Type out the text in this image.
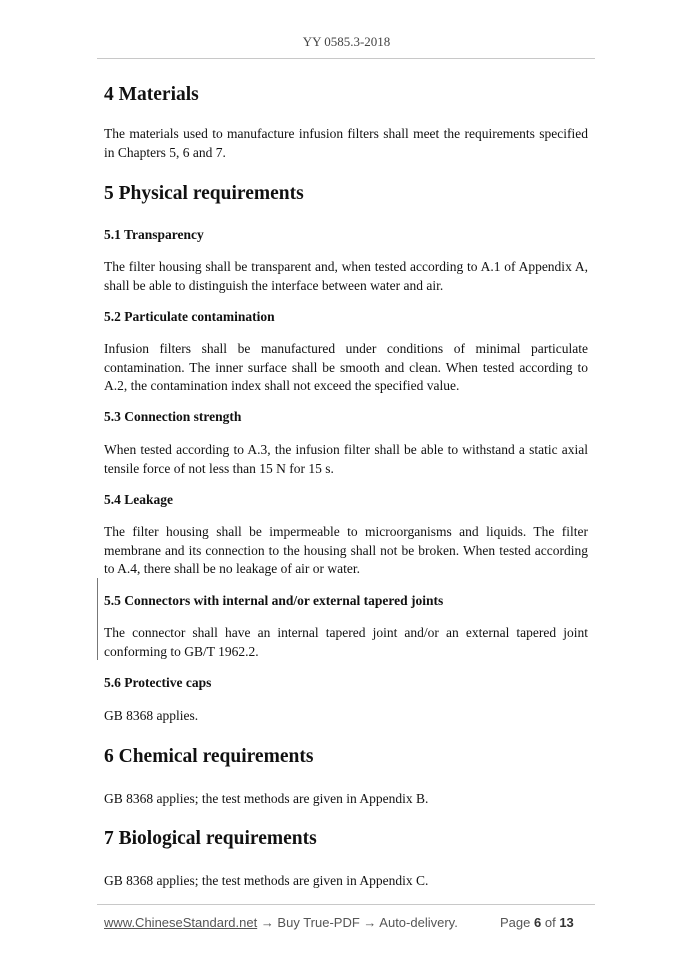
YY 0585.3-2018
4 Materials

The materials used to manufacture infusion filters shall meet the requirements specified in Chapters 5, 6 and 7.

5 Physical requirements
5.1 Transparency

The filter housing shall be transparent and, when tested according to A.1 of Appendix A, shall be able to distinguish the interface between water and air.

5.2 Particulate contamination

Infusion filters shall be manufactured under conditions of minimal particulate contamination. The inner surface shall be smooth and clean. When tested according to A.2, the contamination index shall not exceed the specified value.

5.3 Connection strength

When tested according to A.3, the infusion filter shall be able to withstand a static axial tensile force of not less than 15 N for 15 s.

5.4 Leakage

The filter housing shall be impermeable to microorganisms and liquids. The filter membrane and its connection to the housing shall not be broken. When tested according to A.4, there shall be no leakage of air or water.

5.5 Connectors with internal and/or external tapered joints

The connector shall have an internal tapered joint and/or an external tapered joint conforming to GB/T 1962.2.

5.6 Protective caps

GB 8368 applies.

6 Chemical requirements

GB 8368 applies; the test methods are given in Appendix B.

7 Biological requirements

GB 8368 applies; the test methods are given in Appendix C.

www.ChineseStandard.net → Buy True-PDF → Auto-delivery.	Page 6 of 13
